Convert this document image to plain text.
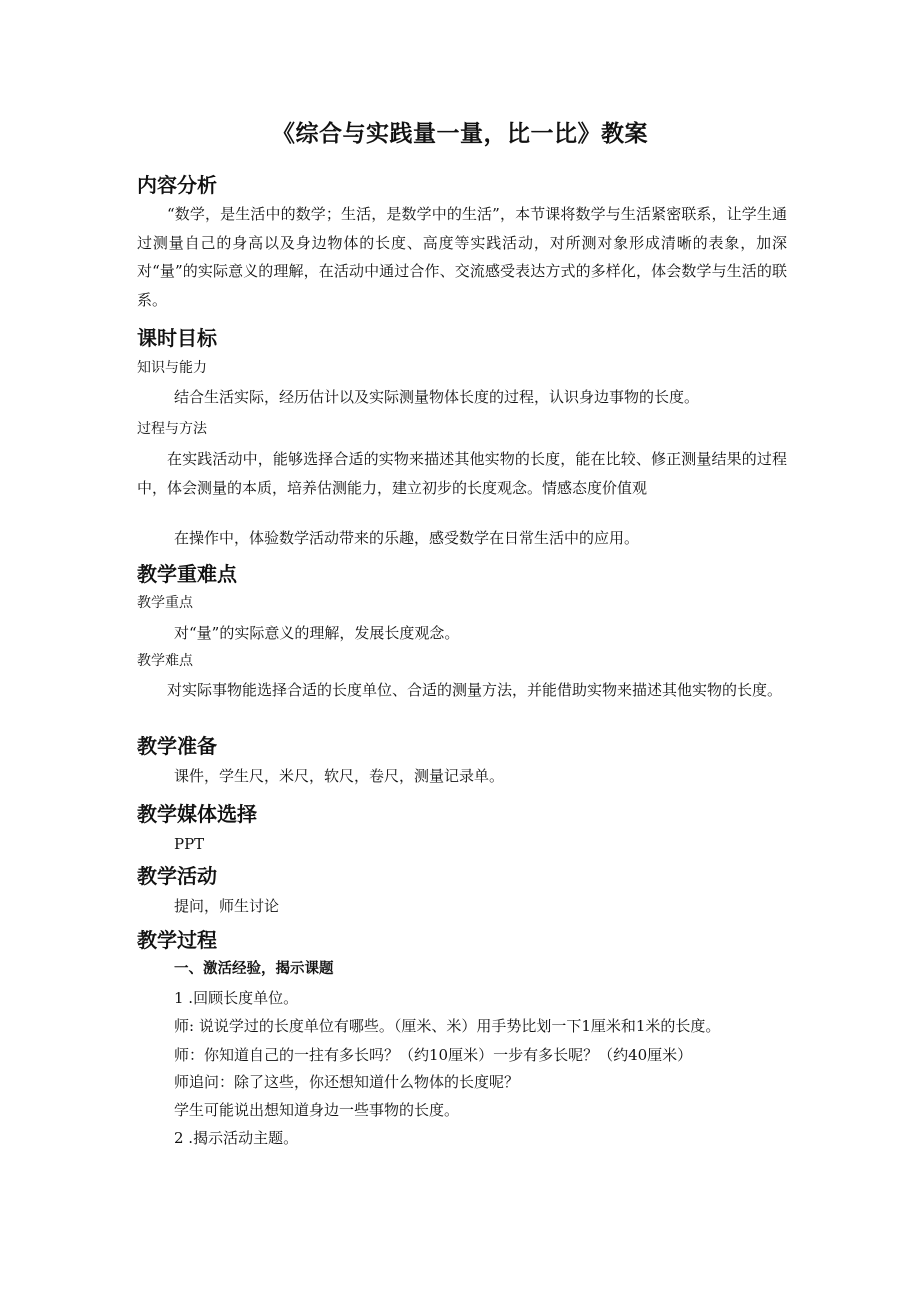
《综合与实践量一量，比一比》教案
内容分析

“数学，是生活中的数学；生活，是数学中的生活”，本节课将数学与生活紧密联系，让学生通过测量自己的身高以及身边物体的长度、高度等实践活动，对所测对象形成清晰的表象，加深对“量”的实际意义的理解，在活动中通过合作、交流感受表达方式的多样化，体会数学与生活的联系。

课时目标
知识与能力
结合生活实际，经历估计以及实际测量物体长度的过程，认识身边事物的长度。
过程与方法

在实践活动中，能够选择合适的实物来描述其他实物的长度，能在比较、修正测量结果的过程中，体会测量的本质，培养估测能力，建立初步的长度观念。情感态度价值观

在操作中，体验数学活动带来的乐趣，感受数学在日常生活中的应用。
教学重难点
教学重点
对“量”的实际意义的理解，发展长度观念。
教学难点

对实际事物能选择合适的长度单位、合适的测量方法，并能借助实物来描述其他实物的长度。

教学准备
课件，学生尺，米尺，软尺，卷尺，测量记录单。
教学媒体选择
PPT
教学活动
提问，师生讨论
教学过程
一、激活经验，揭示课题
1 .回顾长度单位。
师: 说说学过的长度单位有哪些。（厘米、米）用手势比划一下1厘米和1米的长度。
师：你知道自己的一拄有多长吗？（约10厘米）一步有多长呢？（约40厘米）
师追问：除了这些，你还想知道什么物体的长度呢？
学生可能说出想知道身边一些事物的长度。
2 .揭示活动主题。
